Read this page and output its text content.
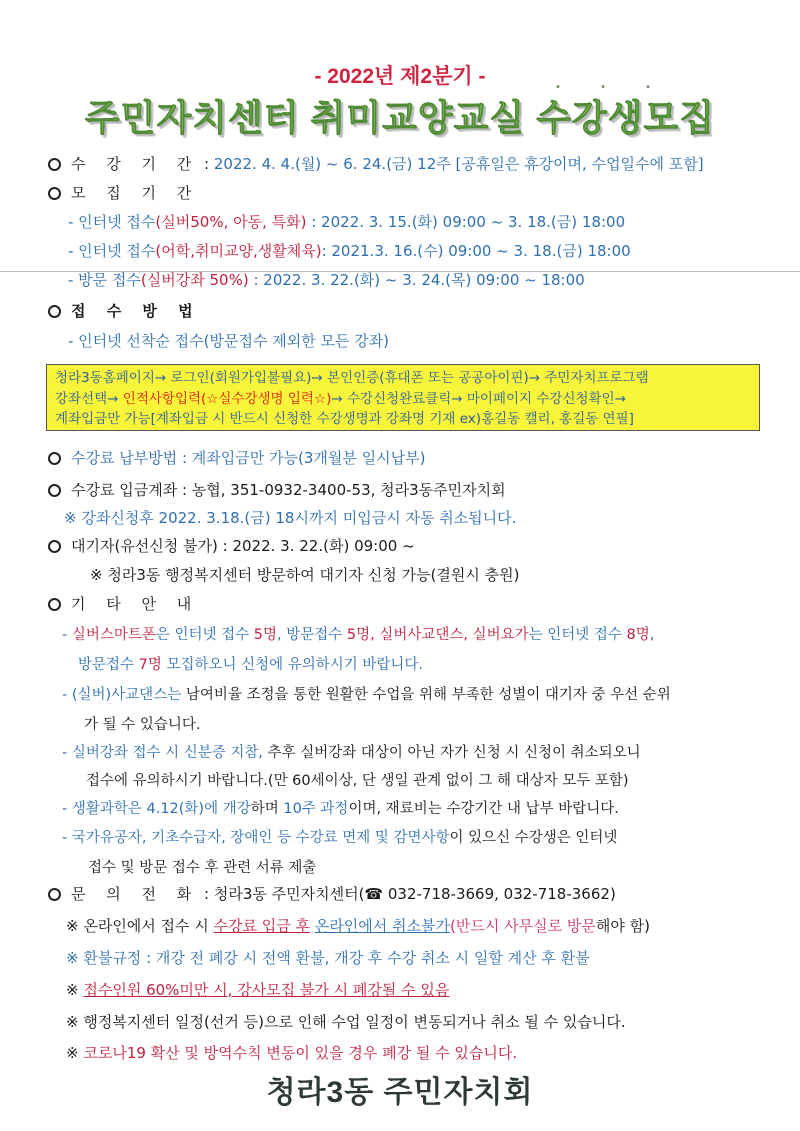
- 2022년 제2분기 -	• • •
주민자치센터 취미교양교실 수강생모집
수 강 기 간 : 2022. 4. 4.(월) ~ 6. 24.(금) 12주 [공휴일은 휴강이며, 수업일수에 포함]
모 집 기 간
- 인터넷 접수(실버50%, 아동, 특화) : 2022. 3. 15.(화) 09:00 ~ 3. 18.(금) 18:00
- 인터넷 접수(어학,취미교양,생활체육): 2021.3. 16.(수) 09:00 ~ 3. 18.(금) 18:00
- 방문 접수(실버강좌 50%) : 2022. 3. 22.(화) ~ 3. 24.(목) 09:00 ~ 18:00
접 수 방 법
- 인터넷 선착순 접수(방문접수 제외한 모든 강좌)
청라3동홈페이지→ 로그인(회원가입불필요)→ 본인인증(휴대폰 또는 공공아이핀)→ 주민자치프로그램
강좌선택→ 인적사항입력(☆실수강생명 입력☆)→ 수강신청완료클릭→ 마이페이지 수강신청확인→
계좌입금만 가능[계좌입금 시 반드시 신청한 수강생명과 강좌명 기재 ex)홍길동 캘리, 홍길동 연필]
수강료 납부방법 : 계좌입금만 가능(3개월분 일시납부)
수강료 입금계좌 : 농협, 351-0932-3400-53, 청라3동주민자치회
※ 강좌신청후 2022. 3.18.(금) 18시까지 미입금시 자동 취소됩니다.
대기자(유선신청 불가) : 2022. 3. 22.(화) 09:00 ~
※ 청라3동 행정복지센터 방문하여 대기자 신청 가능(결원시 충원)
기 타 안 내
- 실버스마트폰은 인터넷 접수 5명, 방문접수 5명, 실버사교댄스, 실버요가는 인터넷 접수 8명,
방문접수 7명 모집하오니 신청에 유의하시기 바랍니다.
- (실버)사교댄스는 남여비율 조정을 통한 원활한 수업을 위해 부족한 성별이 대기자 중 우선 순위
가 될 수 있습니다.
- 실버강좌 접수 시 신분증 지참, 추후 실버강좌 대상이 아닌 자가 신청 시 신청이 취소되오니
접수에 유의하시기 바랍니다.(만 60세이상, 단 생일 관계 없이 그 해 대상자 모두 포함)
- 생활과학은 4.12(화)에 개강하며 10주 과정이며, 재료비는 수강기간 내 납부 바랍니다.
- 국가유공자, 기초수급자, 장애인 등 수강료 면제 및 감면사항이 있으신 수강생은 인터넷
접수 및 방문 접수 후 관련 서류 제출
문 의 전 화 : 청라3동 주민자치센터(☎ 032-718-3669, 032-718-3662)
※ 온라인에서 접수 시 수강료 입금 후 온라인에서 취소불가(반드시 사무실로 방문해야 함)
※ 환불규정 : 개강 전 폐강 시 전액 환불, 개강 후 수강 취소 시 일할 계산 후 환불
※ 접수인원 60%미만 시, 강사모집 불가 시 폐강될 수 있음
※ 행정복지센터 일정(선거 등)으로 인해 수업 일정이 변동되거나 취소 될 수 있습니다.
※ 코로나19 확산 및 방역수칙 변동이 있을 경우 폐강 될 수 있습니다.
청라3동 주민자치회
